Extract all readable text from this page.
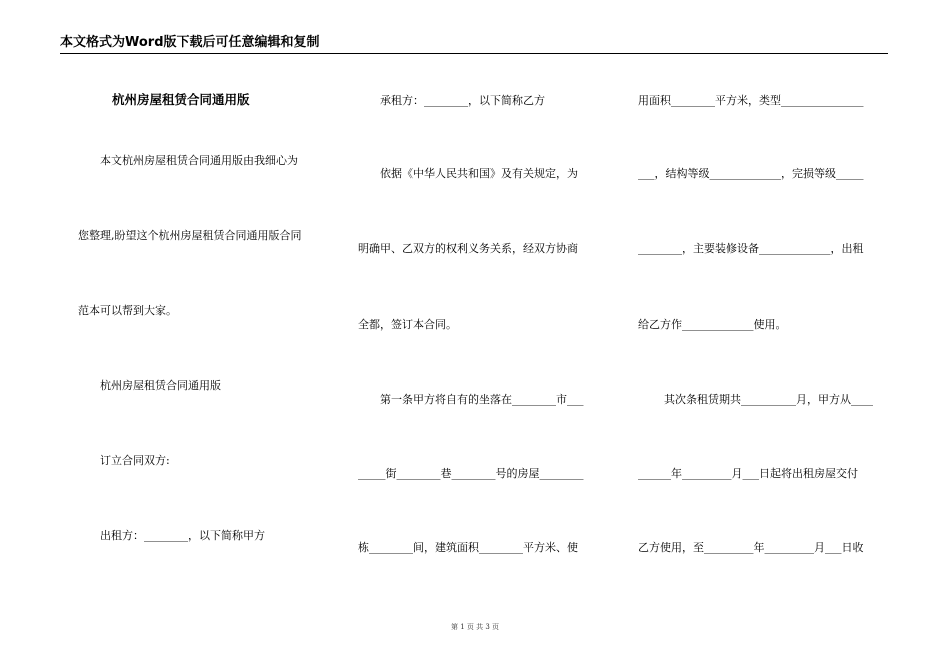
本文格式为Word版下载后可任意编辑和复制
杭州房屋租赁合同通用版
本文杭州房屋租赁合同通用版由我细心为
您整理,盼望这个杭州房屋租赁合同通用版合同
范本可以帮到大家。
杭州房屋租赁合同通用版
订立合同双方:
出租方：________，以下简称甲方
承租方：________，以下简称乙方
依据《中华人民共和国》及有关规定，为
明确甲、乙双方的权利义务关系，经双方协商
全都，签订本合同。
第一条甲方将自有的坐落在________市___
_____街________巷________号的房屋________
栋________间，建筑面积________平方米、使
用面积________平方米，类型_______________
___，结构等级_____________，完损等级_____
________，主要装修设备_____________，出租
给乙方作_____________使用。
其次条租赁期共__________月，甲方从____
______年_________月___日起将出租房屋交付
乙方使用，至_________年_________月___日收
第 1 页 共 3 页
